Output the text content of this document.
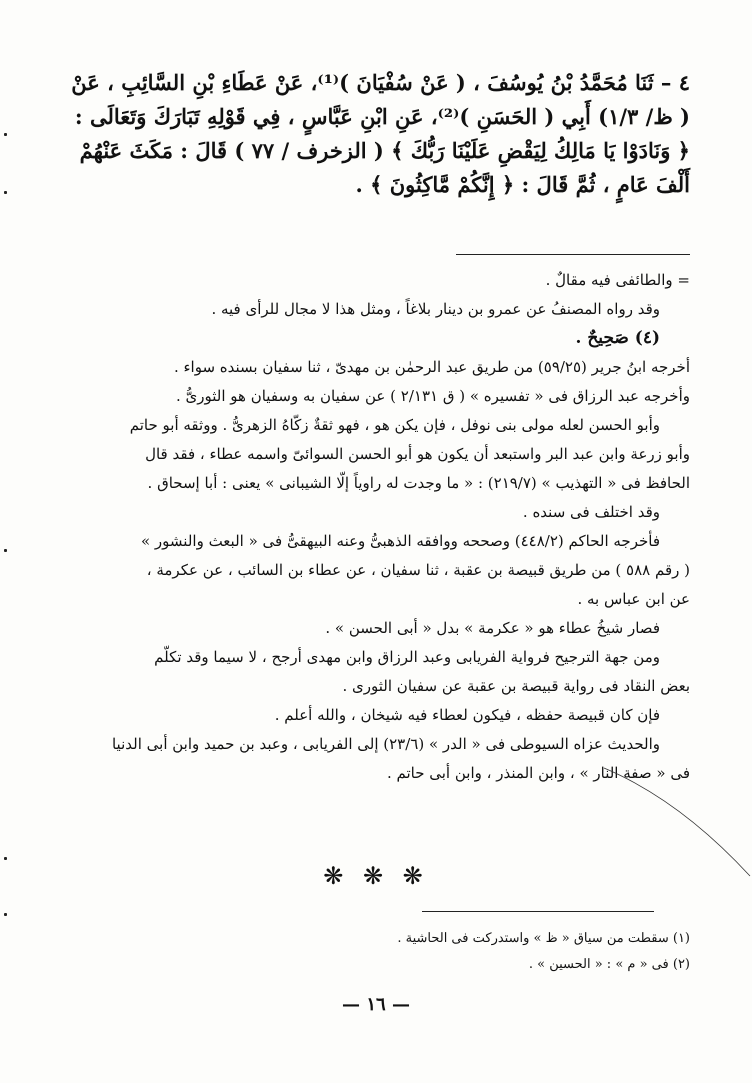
٤ – ثَنَا مُحَمَّدُ بْنُ يُوسُفَ ، ( عَنْ سُفْيَانَ )⁽¹⁾، عَنْ عَطَاءِ بْنِ السَّائِبِ ، عَنْ

( ظ/ ١/٣) أَبِي ( الحَسَنِ )⁽²⁾، عَنِ ابْنِ عَبَّاسٍ ، فِي قَوْلِهِ تَبَارَكَ وَتَعَالَى :

﴿ وَنَادَوْا يَا مَالِكُ لِيَقْضِ عَلَيْنَا رَبُّكَ ﴾ ( الزخرف / ٧٧ ) قَالَ : مَكَثَ عَنْهُمْ

أَلْفَ عَامٍ ، ثُمَّ قَالَ : ﴿ إِنَّكُمْ مَّاكِثُونَ ﴾ .

= والطائفى فيه مقالٌ .

وقد رواه المصنفُ عن عمرو بن دينار بلاغاً ، ومثل هذا لا مجال للرأى فيه .

(٤) صَحِيحٌ .

أخرجه ابنُ جرير (٥٩/٢٥) من طريق عبد الرحمٰن بن مهدىّ ، ثنا سفيان بسنده سواء .

وأخرجه عبد الرزاق فى « تفسيره » ( ق ٢/١٣١ ) عن سفيان به وسفيان هو الثورىُّ .

وأبو الحسن لعله مولى بنى نوفل ، فإن يكن هو ، فهو ثقةٌ زكّاهُ الزهرىُّ . ووثقه أبو حاتم

وأبو زرعة وابن عبد البر واستبعد أن يكون هو أبو الحسن السوائىّ واسمه عطاء ، فقد قال

الحافظ فى « التهذيب » (٢١٩/٧) : « ما وجدت له راوياً إلّا الشيبانى » يعنى : أبا إسحاق .

وقد اختلف فى سنده .

فأخرجه الحاكم (٤٤٨/٢) وصححه ووافقه الذهبىُّ وعنه البيهقىُّ فى « البعث والنشور »

( رقم ٥٨٨ ) من طريق قبيصة بن عقبة ، ثنا سفيان ، عن عطاء بن السائب ، عن عكرمة ،

عن ابن عباس به .

فصار شيخُ عطاء هو « عكرمة » بدل « أبى الحسن » .

ومن جهة الترجيح فرواية الفريابى وعبد الرزاق وابن مهدى أرجح ، لا سيما وقد تكلّم

بعض النقاد فى رواية قبيصة بن عقبة عن سفيان الثورى .

فإن كان قبيصة حفظه ، فيكون لعطاء فيه شيخان ، والله أعلم .

والحديث عزاه السيوطى فى « الدر » (٢٣/٦) إلى الفريابى ، وعبد بن حميد وابن أبى الدنيا

فى « صفة النار » ، وابن المنذر ، وابن أبى حاتم .

❋ ❋ ❋

(١) سقطت من سياق « ظ » واستدركت فى الحاشية .

(٢) فى « م » : « الحسين » .

— ١٦ —
